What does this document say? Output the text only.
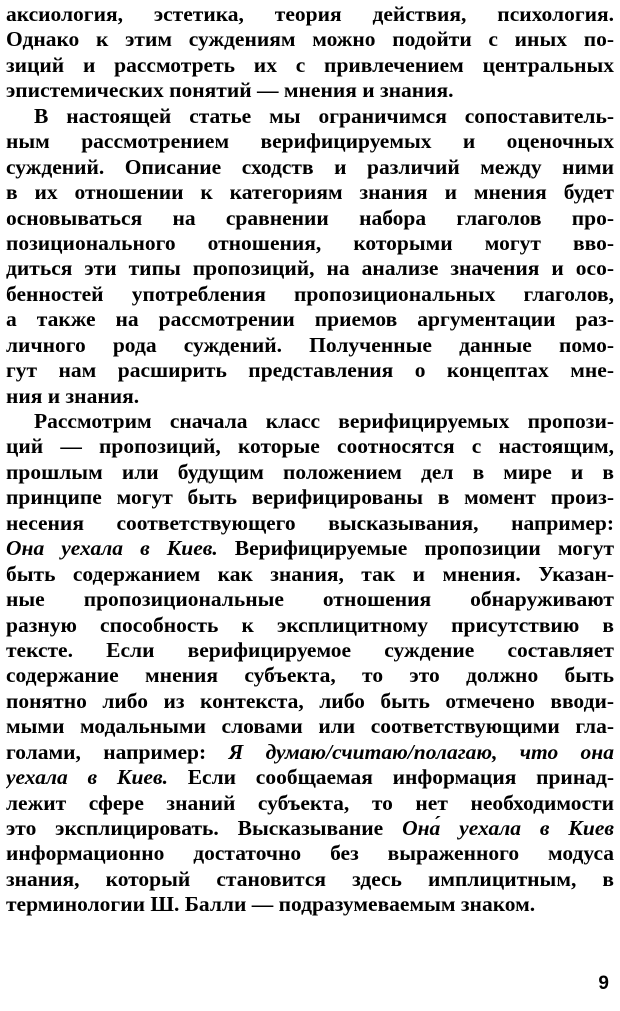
аксиология, эстетика, теория действия, психология.
Однако к этим суждениям можно подойти с иных по-
зиций и рассмотреть их с привлечением центральных
эпистемических понятий — мнения и знания.
В настоящей статье мы ограничимся сопоставитель-
ным рассмотрением верифицируемых и оценочных
суждений. Описание сходств и различий между ними
в их отношении к категориям знания и мнения будет
основываться на сравнении набора глаголов про-
позиционального отношения, которыми могут вво-
диться эти типы пропозиций, на анализе значения и осо-
бенностей употребления пропозициональных глаголов,
а также на рассмотрении приемов аргументации раз-
личного рода суждений. Полученные данные помо-
гут нам расширить представления о концептах мне-
ния и знания.
Рассмотрим сначала класс верифицируемых пропози-
ций — пропозиций, которые соотносятся с настоящим,
прошлым или будущим положением дел в мире и в
принципе могут быть верифицированы в момент произ-
несения соответствующего высказывания, например:
Она уехала в Киев. Верифицируемые пропозиции могут
быть содержанием как знания, так и мнения. Указан-
ные пропозициональные отношения обнаруживают
разную способность к эксплицитному присутствию в
тексте. Если верифицируемое суждение составляет
содержание мнения субъекта, то это должно быть
понятно либо из контекста, либо быть отмечено вводи-
мыми модальными словами или соответствующими гла-
голами, например: Я думаю/считаю/полагаю, что она
уехала в Киев. Если сообщаемая информация принад-
лежит сфере знаний субъекта, то нет необходимости
это эксплицировать. Высказывание Она́ уехала в Киев
информационно достаточно без выраженного модуса
знания, который становится здесь имплицитным, в
терминологии Ш. Балли — подразумеваемым знаком.
9
